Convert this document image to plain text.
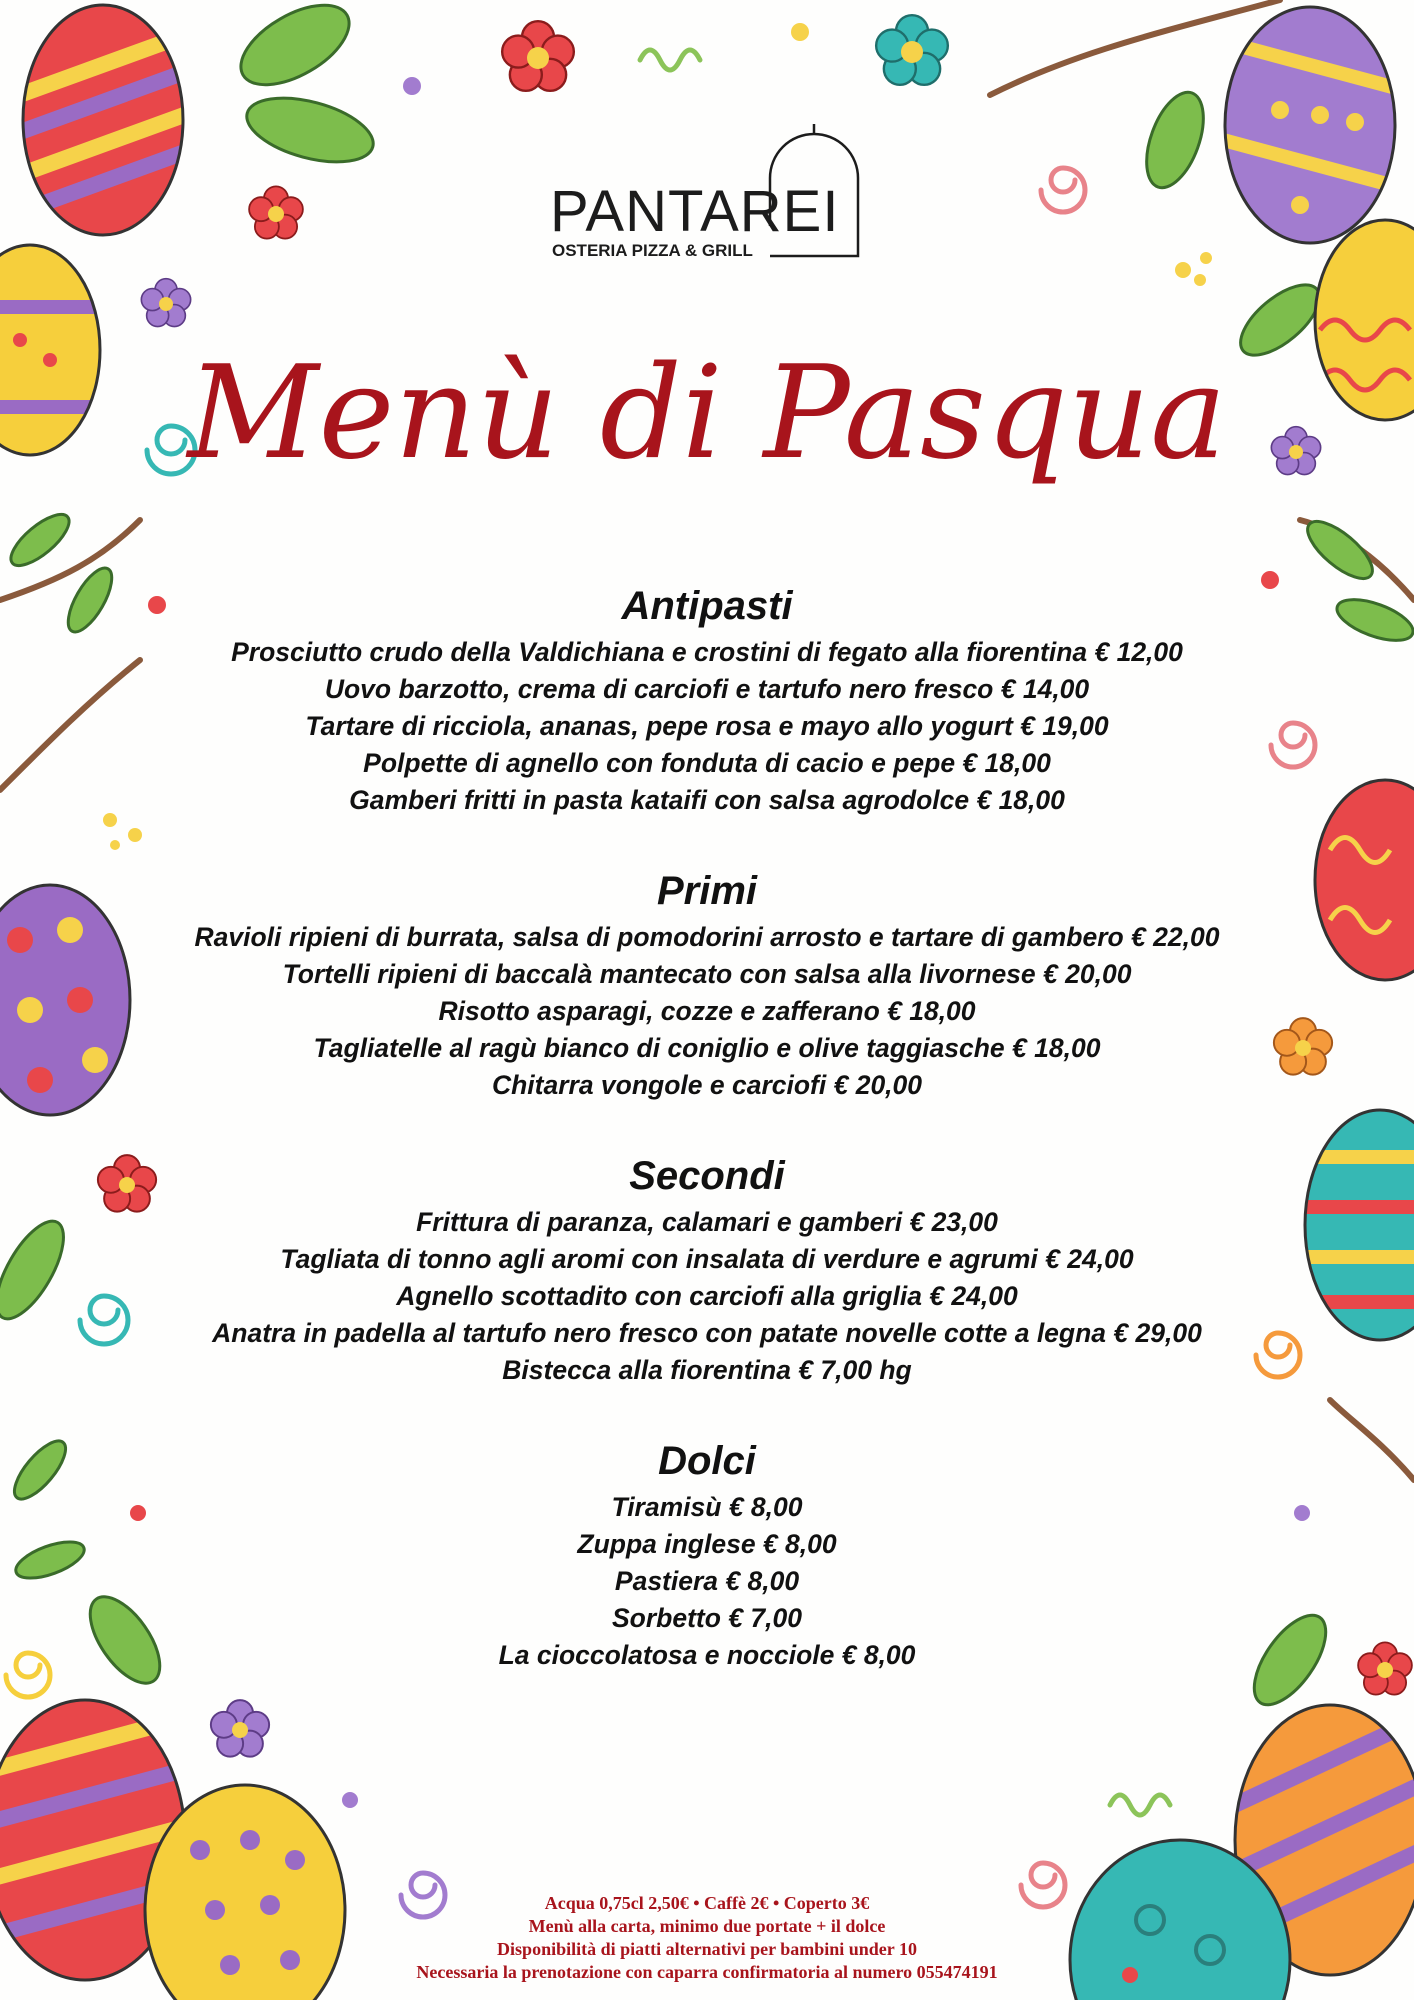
PANTAREI
OSTERIA PIZZA & GRILL
Menù di Pasqua
Antipasti
Prosciutto crudo della Valdichiana e crostini di fegato alla fiorentina € 12,00
Uovo barzotto, crema di carciofi e tartufo nero fresco € 14,00
Tartare di ricciola, ananas, pepe rosa e mayo allo yogurt € 19,00
Polpette di agnello con fonduta di cacio e pepe € 18,00
Gamberi fritti in pasta kataifi con salsa agrodolce € 18,00
Primi
Ravioli ripieni di burrata, salsa di pomodorini arrosto e tartare di gambero € 22,00
Tortelli ripieni di baccalà mantecato con salsa alla livornese € 20,00
Risotto asparagi, cozze e zafferano € 18,00
Tagliatelle al ragù bianco di coniglio e olive taggiasche € 18,00
Chitarra vongole e carciofi € 20,00
Secondi
Frittura di paranza, calamari e gamberi € 23,00
Tagliata di tonno agli aromi con insalata di verdure e agrumi € 24,00
Agnello scottadito con carciofi alla griglia € 24,00
Anatra in padella al tartufo nero fresco con patate novelle cotte a legna € 29,00
Bistecca alla fiorentina € 7,00 hg
Dolci
Tiramisù € 8,00
Zuppa inglese € 8,00
Pastiera € 8,00
Sorbetto € 7,00
La cioccolatosa e nocciole € 8,00
Acqua 0,75cl 2,50€ • Caffè 2€ • Coperto 3€
Menù alla carta, minimo due portate + il dolce
Disponibilità di piatti alternativi per bambini under 10
Necessaria la prenotazione con caparra confirmatoria al numero 055474191
